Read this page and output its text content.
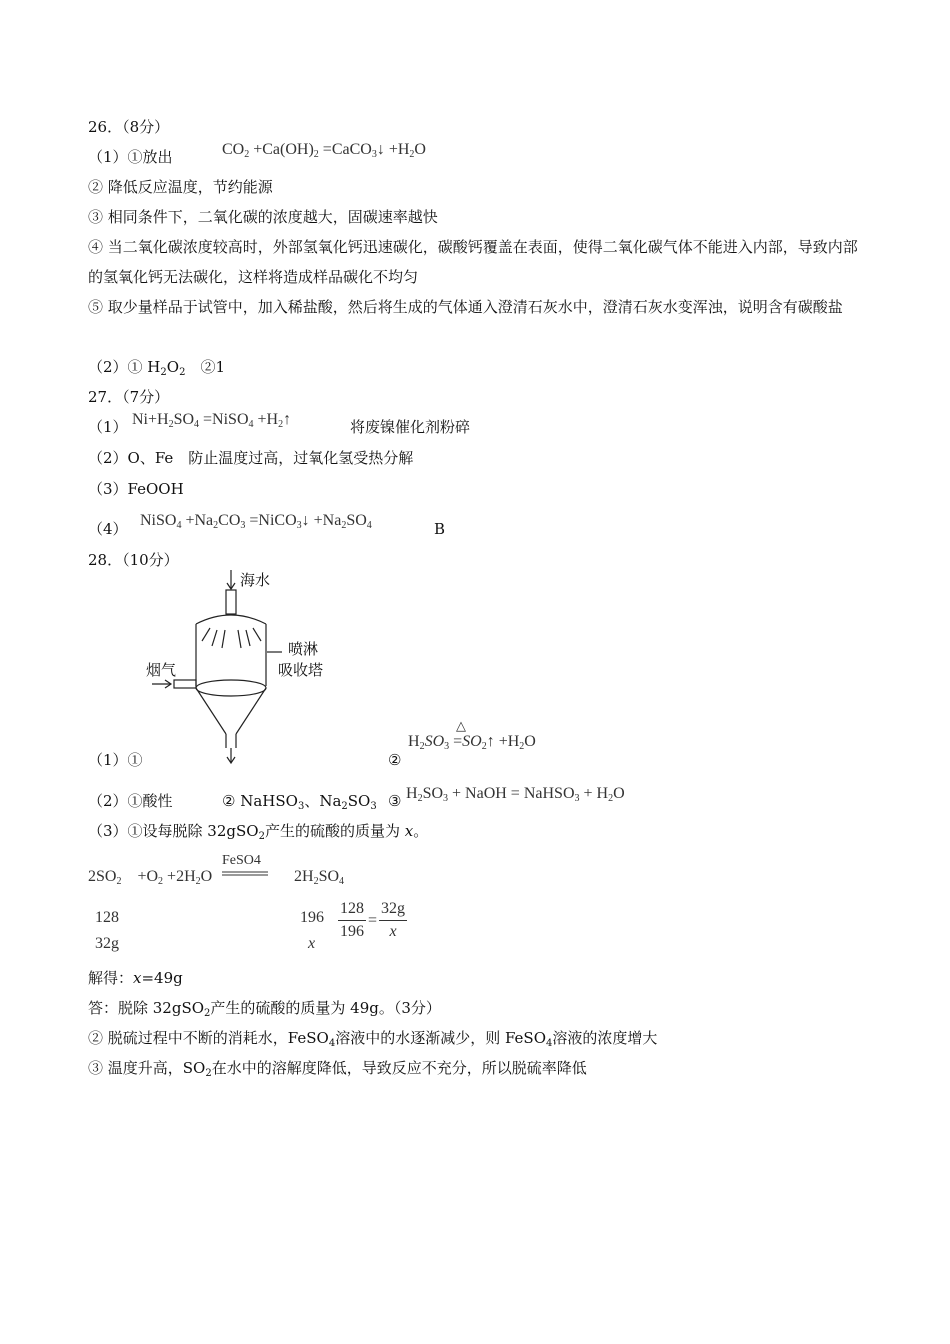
26．（8分）
（1）①放出	$CO_2 +Ca(OH)_2$ =CaCO$_3$↓ $+H_2O$
② 降低反应温度，节约能源
③ 相同条件下，二氧化碳的浓度越大，固碳速率越快
④ 当二氧化碳浓度较高时，外部氢氧化钙迅速碳化，碳酸钙覆盖在表面，使得二氧化碳气体不能进入内部，导致内部的氢氧化钙无法碳化，这样将造成样品碳化不均匀
⑤ 取少量样品于试管中，加入稀盐酸，然后将生成的气体通入澄清石灰水中，澄清石灰水变浑浊，说明含有碳酸盐
（2）① $H_2O_2$　②1
27．（7分）
（1） $Ni+H_2SO_4$ =NiSO$_4$ $+H_2↑$	将废镍催化剂粉碎
（2）O、Fe　防止温度过高，过氧化氢受热分解
（3）FeOOH
（4） NiSO$_4$ $+Na_2CO_3$ =NiCO$_3$↓ $+Na_2SO_4$	B
28．（10分）
海水
烟气
喷淋
吸收塔
（1）①	②
△
$H_2SO_3$ $=SO_2↑ +H_2O$
（2）①酸性	② NaHSO$_3$、$Na_2SO_3$ ③ $H_2SO_3$ + NaOH = NaHSO$_3$ + $H_2O$
（3）①设每脱除 32gSO$_2$产生的硫酸的质量为 x。
FeSO4
$2SO_2$　$+O_2 +2H_2O$	　$2H_2SO_4$
128
32g
196
x
$\frac{128}{196} = \frac{32g}{x}$
解得：x=49g
答：脱除 32gSO$_2$产生的硫酸的质量为 49g。（3分）
② 脱硫过程中不断的消耗水，FeSO$_4$溶液中的水逐渐减少，则 FeSO$_4$溶液的浓度增大
③ 温度升高，$SO_2$在水中的溶解度降低，导致反应不充分，所以脱硫率降低
